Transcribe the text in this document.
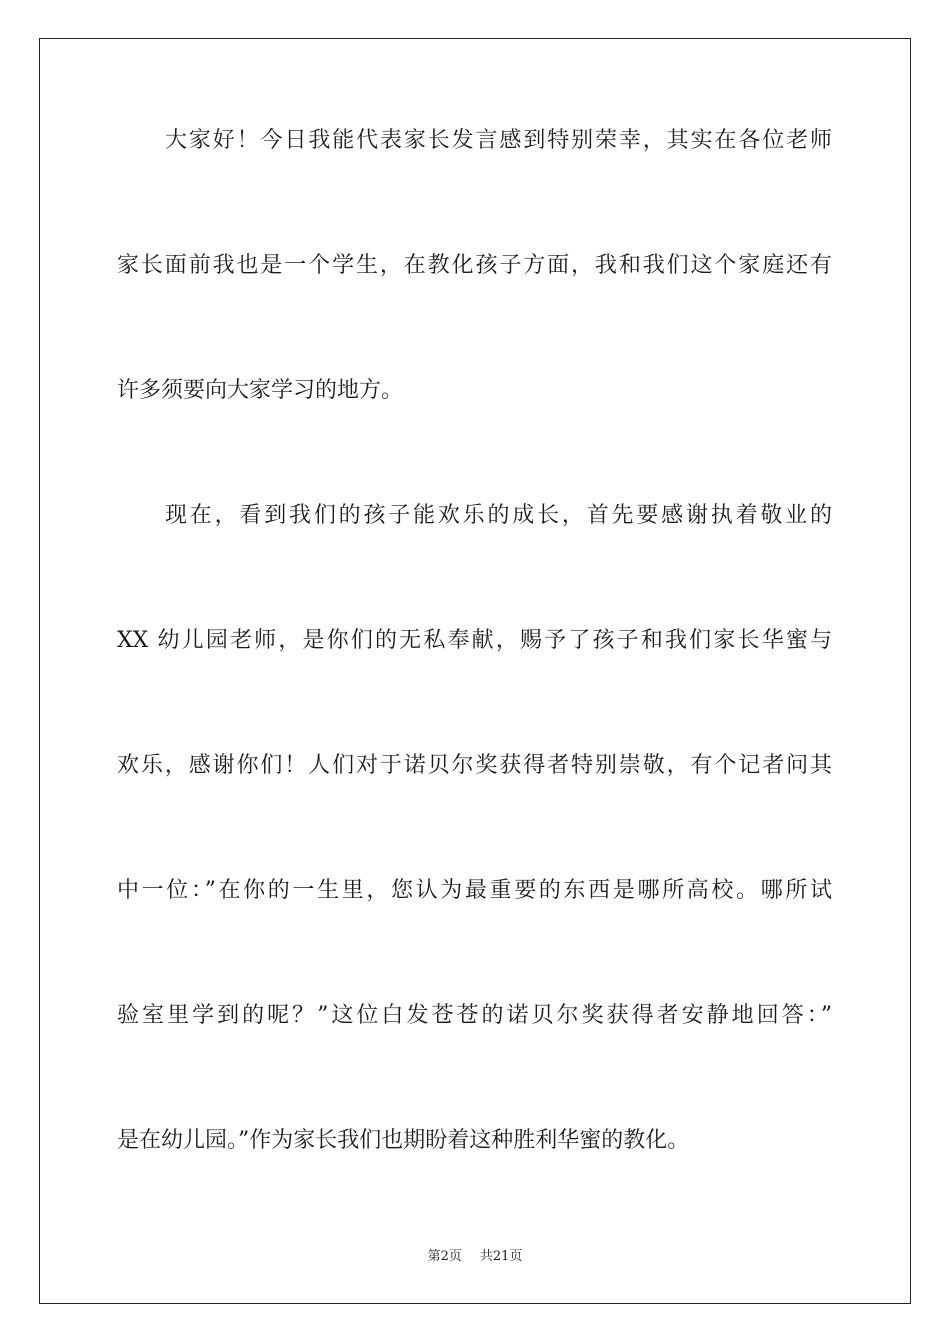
大家好！今日我能代表家长发言感到特别荣幸，其实在各位老师
家长面前我也是一个学生，在教化孩子方面，我和我们这个家庭还有
许多须要向大家学习的地方。
现在，看到我们的孩子能欢乐的成长，首先要感谢执着敬业的
XX 幼儿园老师，是你们的无私奉献，赐予了孩子和我们家长华蜜与
欢乐，感谢你们！人们对于诺贝尔奖获得者特别崇敬，有个记者问其
中一位：”在你的一生里，您认为最重要的东西是哪所高校。哪所试
验室里学到的呢？”这位白发苍苍的诺贝尔奖获得者安静地回答：”
是在幼儿园。”作为家长我们也期盼着这种胜利华蜜的教化。
第2页 共21页
